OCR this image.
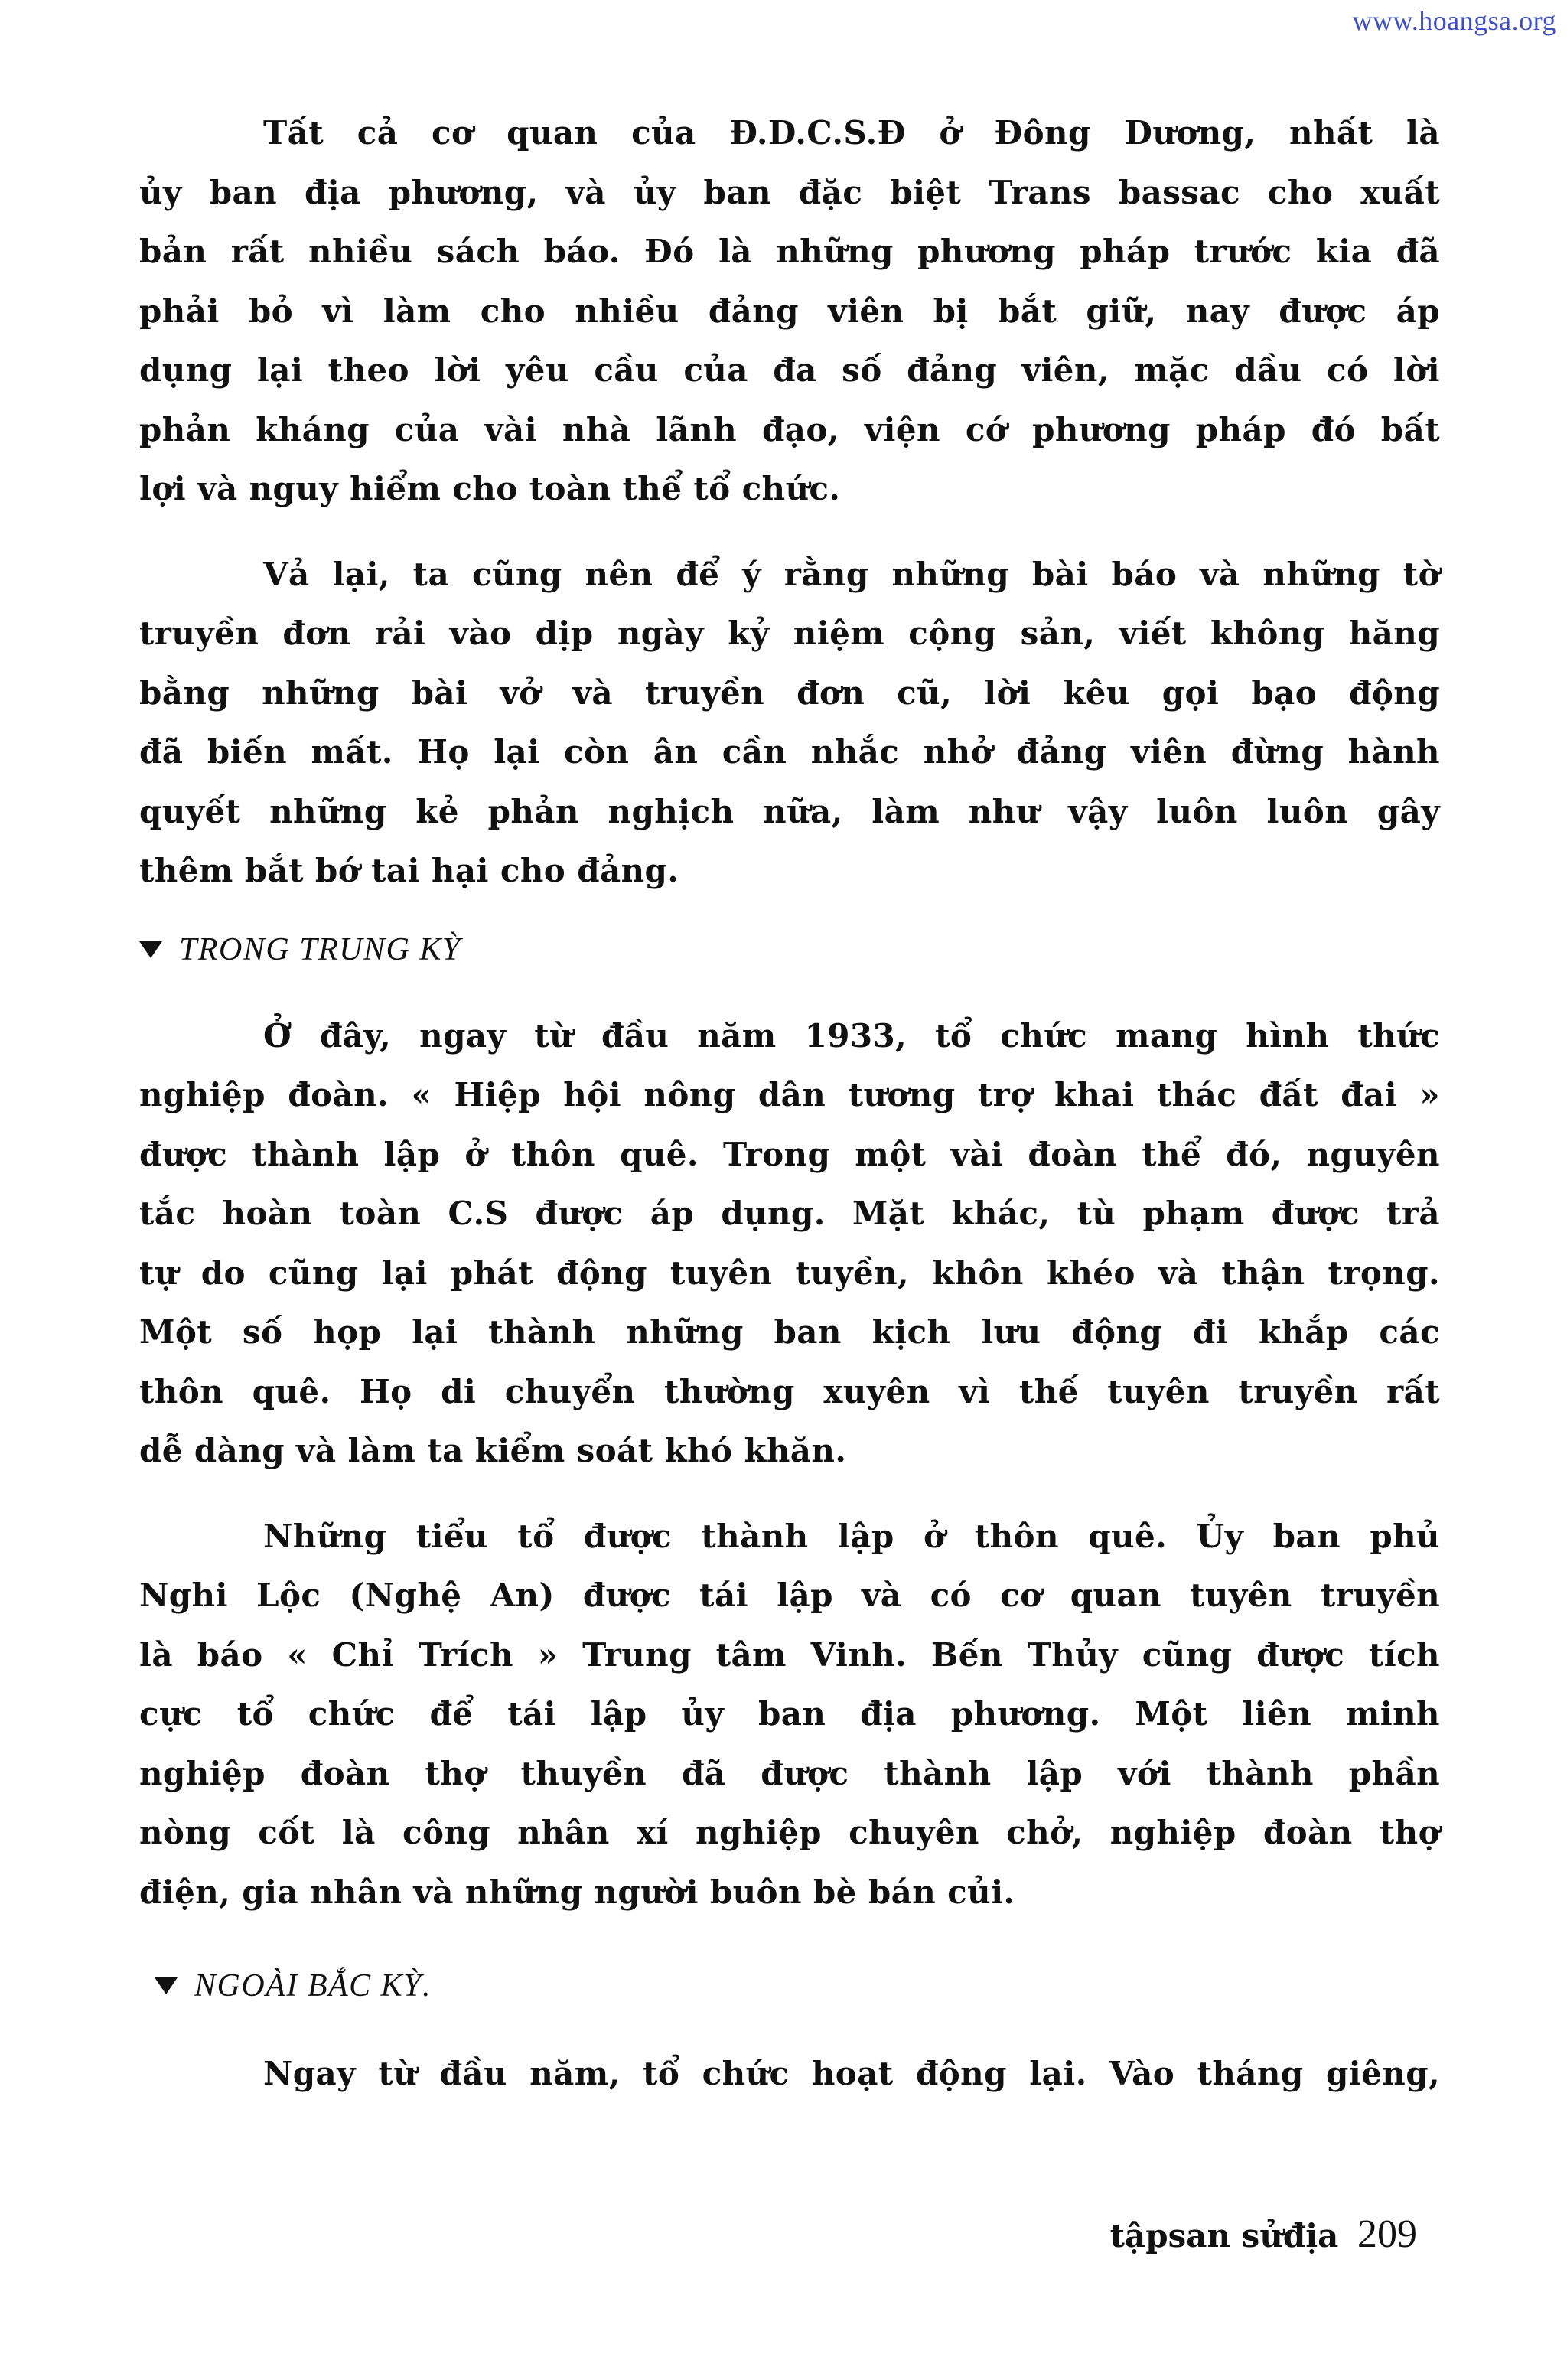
www.hoangsa.org
Tất cả cơ quan của Đ.D.C.S.Đ ở Đông Dương, nhất là
ủy ban địa phương, và ủy ban đặc biệt Trans bassac cho xuất
bản rất nhiều sách báo. Đó là những phương pháp trước kia đã
phải bỏ vì làm cho nhiều đảng viên bị bắt giữ, nay được áp
dụng lại theo lời yêu cầu của đa số đảng viên, mặc dầu có lời
phản kháng của vài nhà lãnh đạo, viện cớ phương pháp đó bất
lợi và nguy hiểm cho toàn thể tổ chức.
Vả lại, ta cũng nên để ý rằng những bài báo và những tờ
truyền đơn rải vào dịp ngày kỷ niệm cộng sản, viết không hăng
bằng những bài vở và truyền đơn cũ, lời kêu gọi bạo động
đã biến mất. Họ lại còn ân cần nhắc nhở đảng viên đừng hành
quyết những kẻ phản nghịch nữa, làm như vậy luôn luôn gây
thêm bắt bớ tai hại cho đảng.
TRONG TRUNG KỲ
Ở đây, ngay từ đầu năm 1933, tổ chức mang hình thức
nghiệp đoàn. « Hiệp hội nông dân tương trợ khai thác đất đai »
được thành lập ở thôn quê. Trong một vài đoàn thể đó, nguyên
tắc hoàn toàn C.S được áp dụng. Mặt khác, tù phạm được trả
tự do cũng lại phát động tuyên tuyền, khôn khéo và thận trọng.
Một số họp lại thành những ban kịch lưu động đi khắp các
thôn quê. Họ di chuyển thường xuyên vì thế tuyên truyền rất
dễ dàng và làm ta kiểm soát khó khăn.
Những tiểu tổ được thành lập ở thôn quê. Ủy ban phủ
Nghi Lộc (Nghệ An) được tái lập và có cơ quan tuyên truyền
là báo « Chỉ Trích » Trung tâm Vinh. Bến Thủy cũng được tích
cực tổ chức để tái lập ủy ban địa phương. Một liên minh
nghiệp đoàn thợ thuyền đã được thành lập với thành phần
nòng cốt là công nhân xí nghiệp chuyên chở, nghiệp đoàn thợ
điện, gia nhân và những người buôn bè bán củi.
NGOÀI BẮC KỲ.
Ngay từ đầu năm, tổ chức hoạt động lại. Vào tháng giêng,
tậpsan sửđịa 209
